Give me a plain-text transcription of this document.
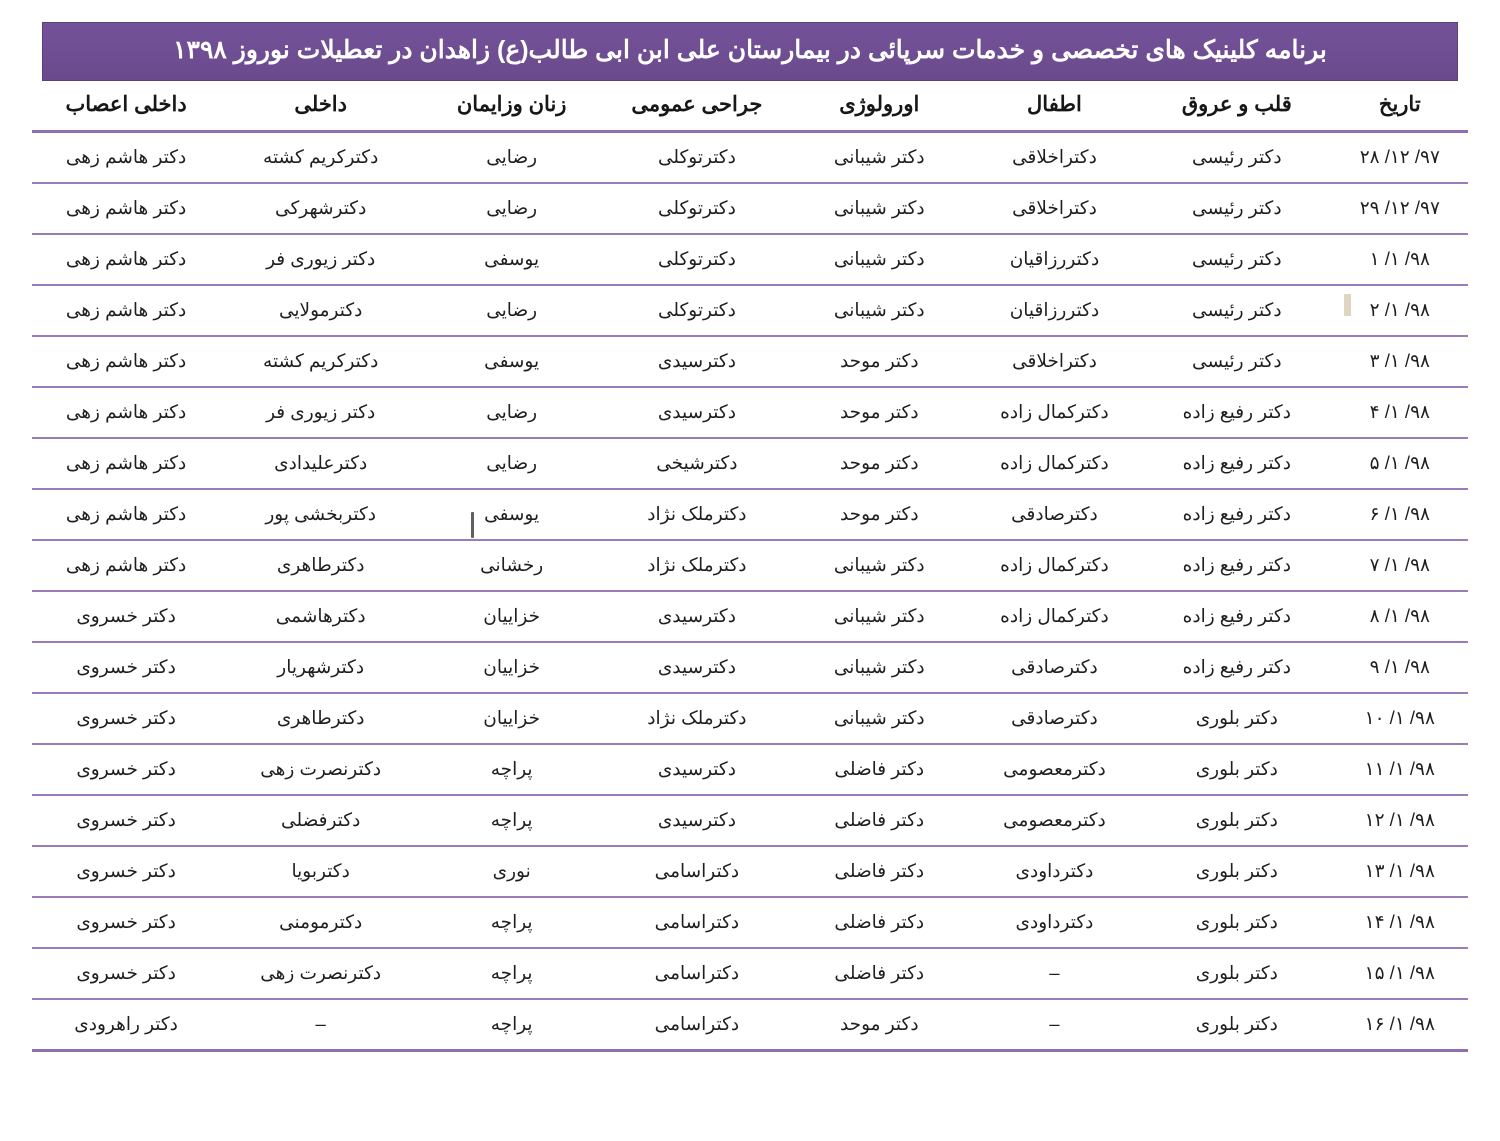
برنامه کلینیک های تخصصی و خدمات سرپائی در بیمارستان علی ابن ابی طالب(ع) زاهدان در تعطیلات نوروز ۱۳۹۸
تاریخ	قلب و عروق	اطفال	اورولوژی	جراحی عمومی	زنان وزایمان	داخلی	داخلی اعصاب
۹۷/ ۱۲/ ۲۸	دکتر رئیسی	دکتراخلاقی	دکتر شیبانی	دکترتوکلی	رضایی	دکترکریم کشته	دکتر هاشم زهی
۹۷/ ۱۲/ ۲۹	دکتر رئیسی	دکتراخلاقی	دکتر شیبانی	دکترتوکلی	رضایی	دکترشهرکی	دکتر هاشم زهی
۹۸/ ۱/ ۱	دکتر رئیسی	دکتررزاقیان	دکتر شیبانی	دکترتوکلی	یوسفی	دکتر زیوری فر	دکتر هاشم زهی
۹۸/ ۱/ ۲	دکتر رئیسی	دکتررزاقیان	دکتر شیبانی	دکترتوکلی	رضایی	دکترمولایی	دکتر هاشم زهی
۹۸/ ۱/ ۳	دکتر رئیسی	دکتراخلاقی	دکتر موحد	دکترسیدی	یوسفی	دکترکریم کشته	دکتر هاشم زهی
۹۸/ ۱/ ۴	دکتر رفیع زاده	دکترکمال زاده	دکتر موحد	دکترسیدی	رضایی	دکتر زیوری فر	دکتر هاشم زهی
۹۸/ ۱/ ۵	دکتر رفیع زاده	دکترکمال زاده	دکتر موحد	دکترشیخی	رضایی	دکترعلیدادی	دکتر هاشم زهی
۹۸/ ۱/ ۶	دکتر رفیع زاده	دکترصادقی	دکتر موحد	دکترملک نژاد	یوسفی	دکتربخشی پور	دکتر هاشم زهی
۹۸/ ۱/ ۷	دکتر رفیع زاده	دکترکمال زاده	دکتر شیبانی	دکترملک نژاد	رخشانی	دکترطاهری	دکتر هاشم زهی
۹۸/ ۱/ ۸	دکتر رفیع زاده	دکترکمال زاده	دکتر شیبانی	دکترسیدی	خزاییان	دکترهاشمی	دکتر خسروی
۹۸/ ۱/ ۹	دکتر رفیع زاده	دکترصادقی	دکتر شیبانی	دکترسیدی	خزاییان	دکترشهریار	دکتر خسروی
۹۸/ ۱/ ۱۰	دکتر بلوری	دکترصادقی	دکتر شیبانی	دکترملک نژاد	خزاییان	دکترطاهری	دکتر خسروی
۹۸/ ۱/ ۱۱	دکتر بلوری	دکترمعصومی	دکتر فاضلی	دکترسیدی	پراچه	دکترنصرت زهی	دکتر خسروی
۹۸/ ۱/ ۱۲	دکتر بلوری	دکترمعصومی	دکتر فاضلی	دکترسیدی	پراچه	دکترفضلی	دکتر خسروی
۹۸/ ۱/ ۱۳	دکتر بلوری	دکترداودی	دکتر فاضلی	دکتراسامی	نوری	دکتربویا	دکتر خسروی
۹۸/ ۱/ ۱۴	دکتر بلوری	دکترداودی	دکتر فاضلی	دکتراسامی	پراچه	دکترمومنی	دکتر خسروی
۹۸/ ۱/ ۱۵	دکتر بلوری	–	دکتر فاضلی	دکتراسامی	پراچه	دکترنصرت زهی	دکتر خسروی
۹۸/ ۱/ ۱۶	دکتر بلوری	–	دکتر موحد	دکتراسامی	پراچه	–	دکتر راهرودی
